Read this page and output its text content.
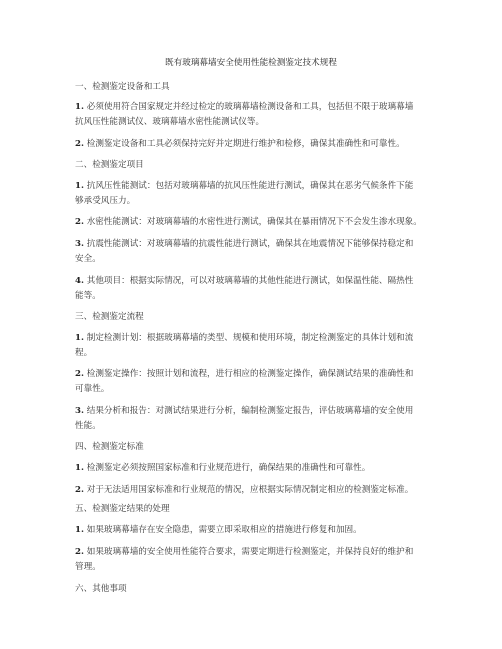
既有玻璃幕墙安全使用性能检测鉴定技术规程
一、检测鉴定设备和工具
1. 必须使用符合国家规定并经过检定的玻璃幕墙检测设备和工具，包括但不限于玻璃幕墙
抗风压性能测试仪、玻璃幕墙水密性能测试仪等。
2. 检测鉴定设备和工具必须保持完好并定期进行维护和检修，确保其准确性和可靠性。
二、检测鉴定项目
1. 抗风压性能测试：包括对玻璃幕墙的抗风压性能进行测试，确保其在恶劣气候条件下能
够承受风压力。
2. 水密性能测试：对玻璃幕墙的水密性进行测试，确保其在暴雨情况下不会发生渗水现象。
3. 抗震性能测试：对玻璃幕墙的抗震性能进行测试，确保其在地震情况下能够保持稳定和
安全。
4. 其他项目：根据实际情况，可以对玻璃幕墙的其他性能进行测试，如保温性能、隔热性
能等。
三、检测鉴定流程
1. 制定检测计划：根据玻璃幕墙的类型、规模和使用环境，制定检测鉴定的具体计划和流
程。
2. 检测鉴定操作：按照计划和流程，进行相应的检测鉴定操作，确保测试结果的准确性和
可靠性。
3. 结果分析和报告：对测试结果进行分析，编制检测鉴定报告，评估玻璃幕墙的安全使用
性能。
四、检测鉴定标准
1. 检测鉴定必须按照国家标准和行业规范进行，确保结果的准确性和可靠性。
2. 对于无法适用国家标准和行业规范的情况，应根据实际情况制定相应的检测鉴定标准。
五、检测鉴定结果的处理
1. 如果玻璃幕墙存在安全隐患，需要立即采取相应的措施进行修复和加固。
2. 如果玻璃幕墙的安全使用性能符合要求，需要定期进行检测鉴定，并保持良好的维护和
管理。
六、其他事项
